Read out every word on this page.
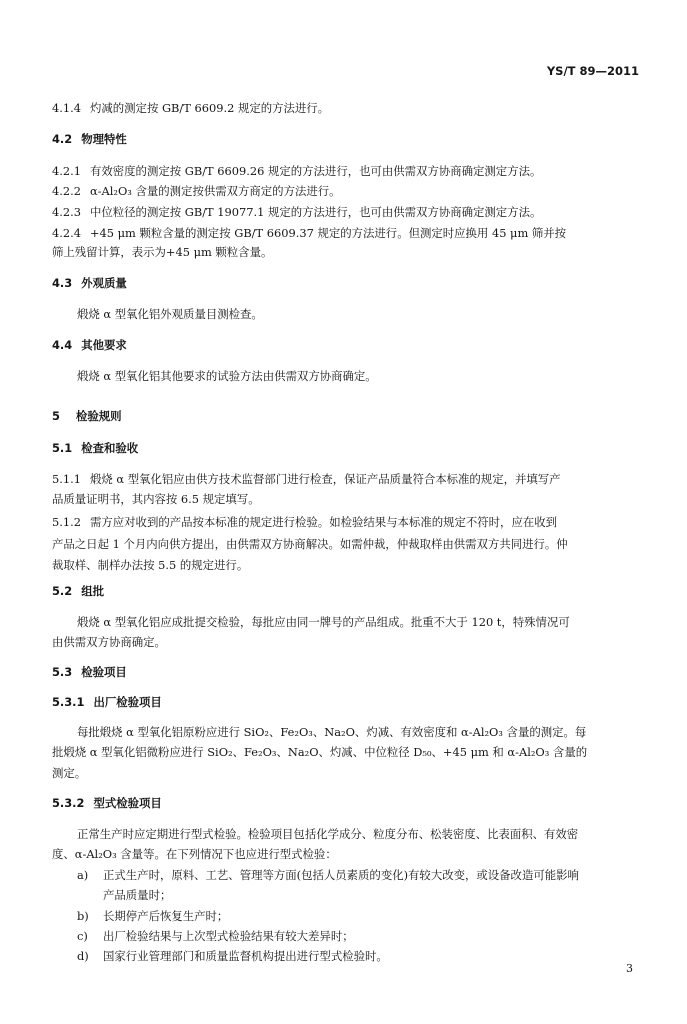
YS/T 89—2011
4.1.4 灼减的测定按 GB/T 6609.2 规定的方法进行。
4.2 物理特性
4.2.1 有效密度的测定按 GB/T 6609.26 规定的方法进行，也可由供需双方协商确定测定方法。
4.2.2 α-Al₂O₃ 含量的测定按供需双方商定的方法进行。
4.2.3 中位粒径的测定按 GB/T 19077.1 规定的方法进行，也可由供需双方协商确定测定方法。
4.2.4 +45 μm 颗粒含量的测定按 GB/T 6609.37 规定的方法进行。但测定时应换用 45 μm 筛并按
筛上残留计算，表示为+45 μm 颗粒含量。
4.3 外观质量
煅烧 α 型氧化铝外观质量目测检查。
4.4 其他要求
煅烧 α 型氧化铝其他要求的试验方法由供需双方协商确定。
5 检验规则
5.1 检查和验收
5.1.1 煅烧 α 型氧化铝应由供方技术监督部门进行检查，保证产品质量符合本标准的规定，并填写产
品质量证明书，其内容按 6.5 规定填写。
5.1.2 需方应对收到的产品按本标准的规定进行检验。如检验结果与本标准的规定不符时，应在收到
产品之日起 1 个月内向供方提出，由供需双方协商解决。如需仲裁，仲裁取样由供需双方共同进行。仲
裁取样、制样办法按 5.5 的规定进行。
5.2 组批
煅烧 α 型氧化铝应成批提交检验，每批应由同一牌号的产品组成。批重不大于 120 t，特殊情况可
由供需双方协商确定。
5.3 检验项目
5.3.1 出厂检验项目
每批煅烧 α 型氧化铝原粉应进行 SiO₂、Fe₂O₃、Na₂O、灼减、有效密度和 α-Al₂O₃ 含量的测定。每
批煅烧 α 型氧化铝微粉应进行 SiO₂、Fe₂O₃、Na₂O、灼减、中位粒径 D₅₀、+45 μm 和 α-Al₂O₃ 含量的
测定。
5.3.2 型式检验项目
正常生产时应定期进行型式检验。检验项目包括化学成分、粒度分布、松装密度、比表面积、有效密
度、α-Al₂O₃ 含量等。在下列情况下也应进行型式检验：
a) 正式生产时，原料、工艺、管理等方面(包括人员素质的变化)有较大改变，或设备改造可能影响
产品质量时；
b) 长期停产后恢复生产时；
c) 出厂检验结果与上次型式检验结果有较大差异时；
d) 国家行业管理部门和质量监督机构提出进行型式检验时。
3
